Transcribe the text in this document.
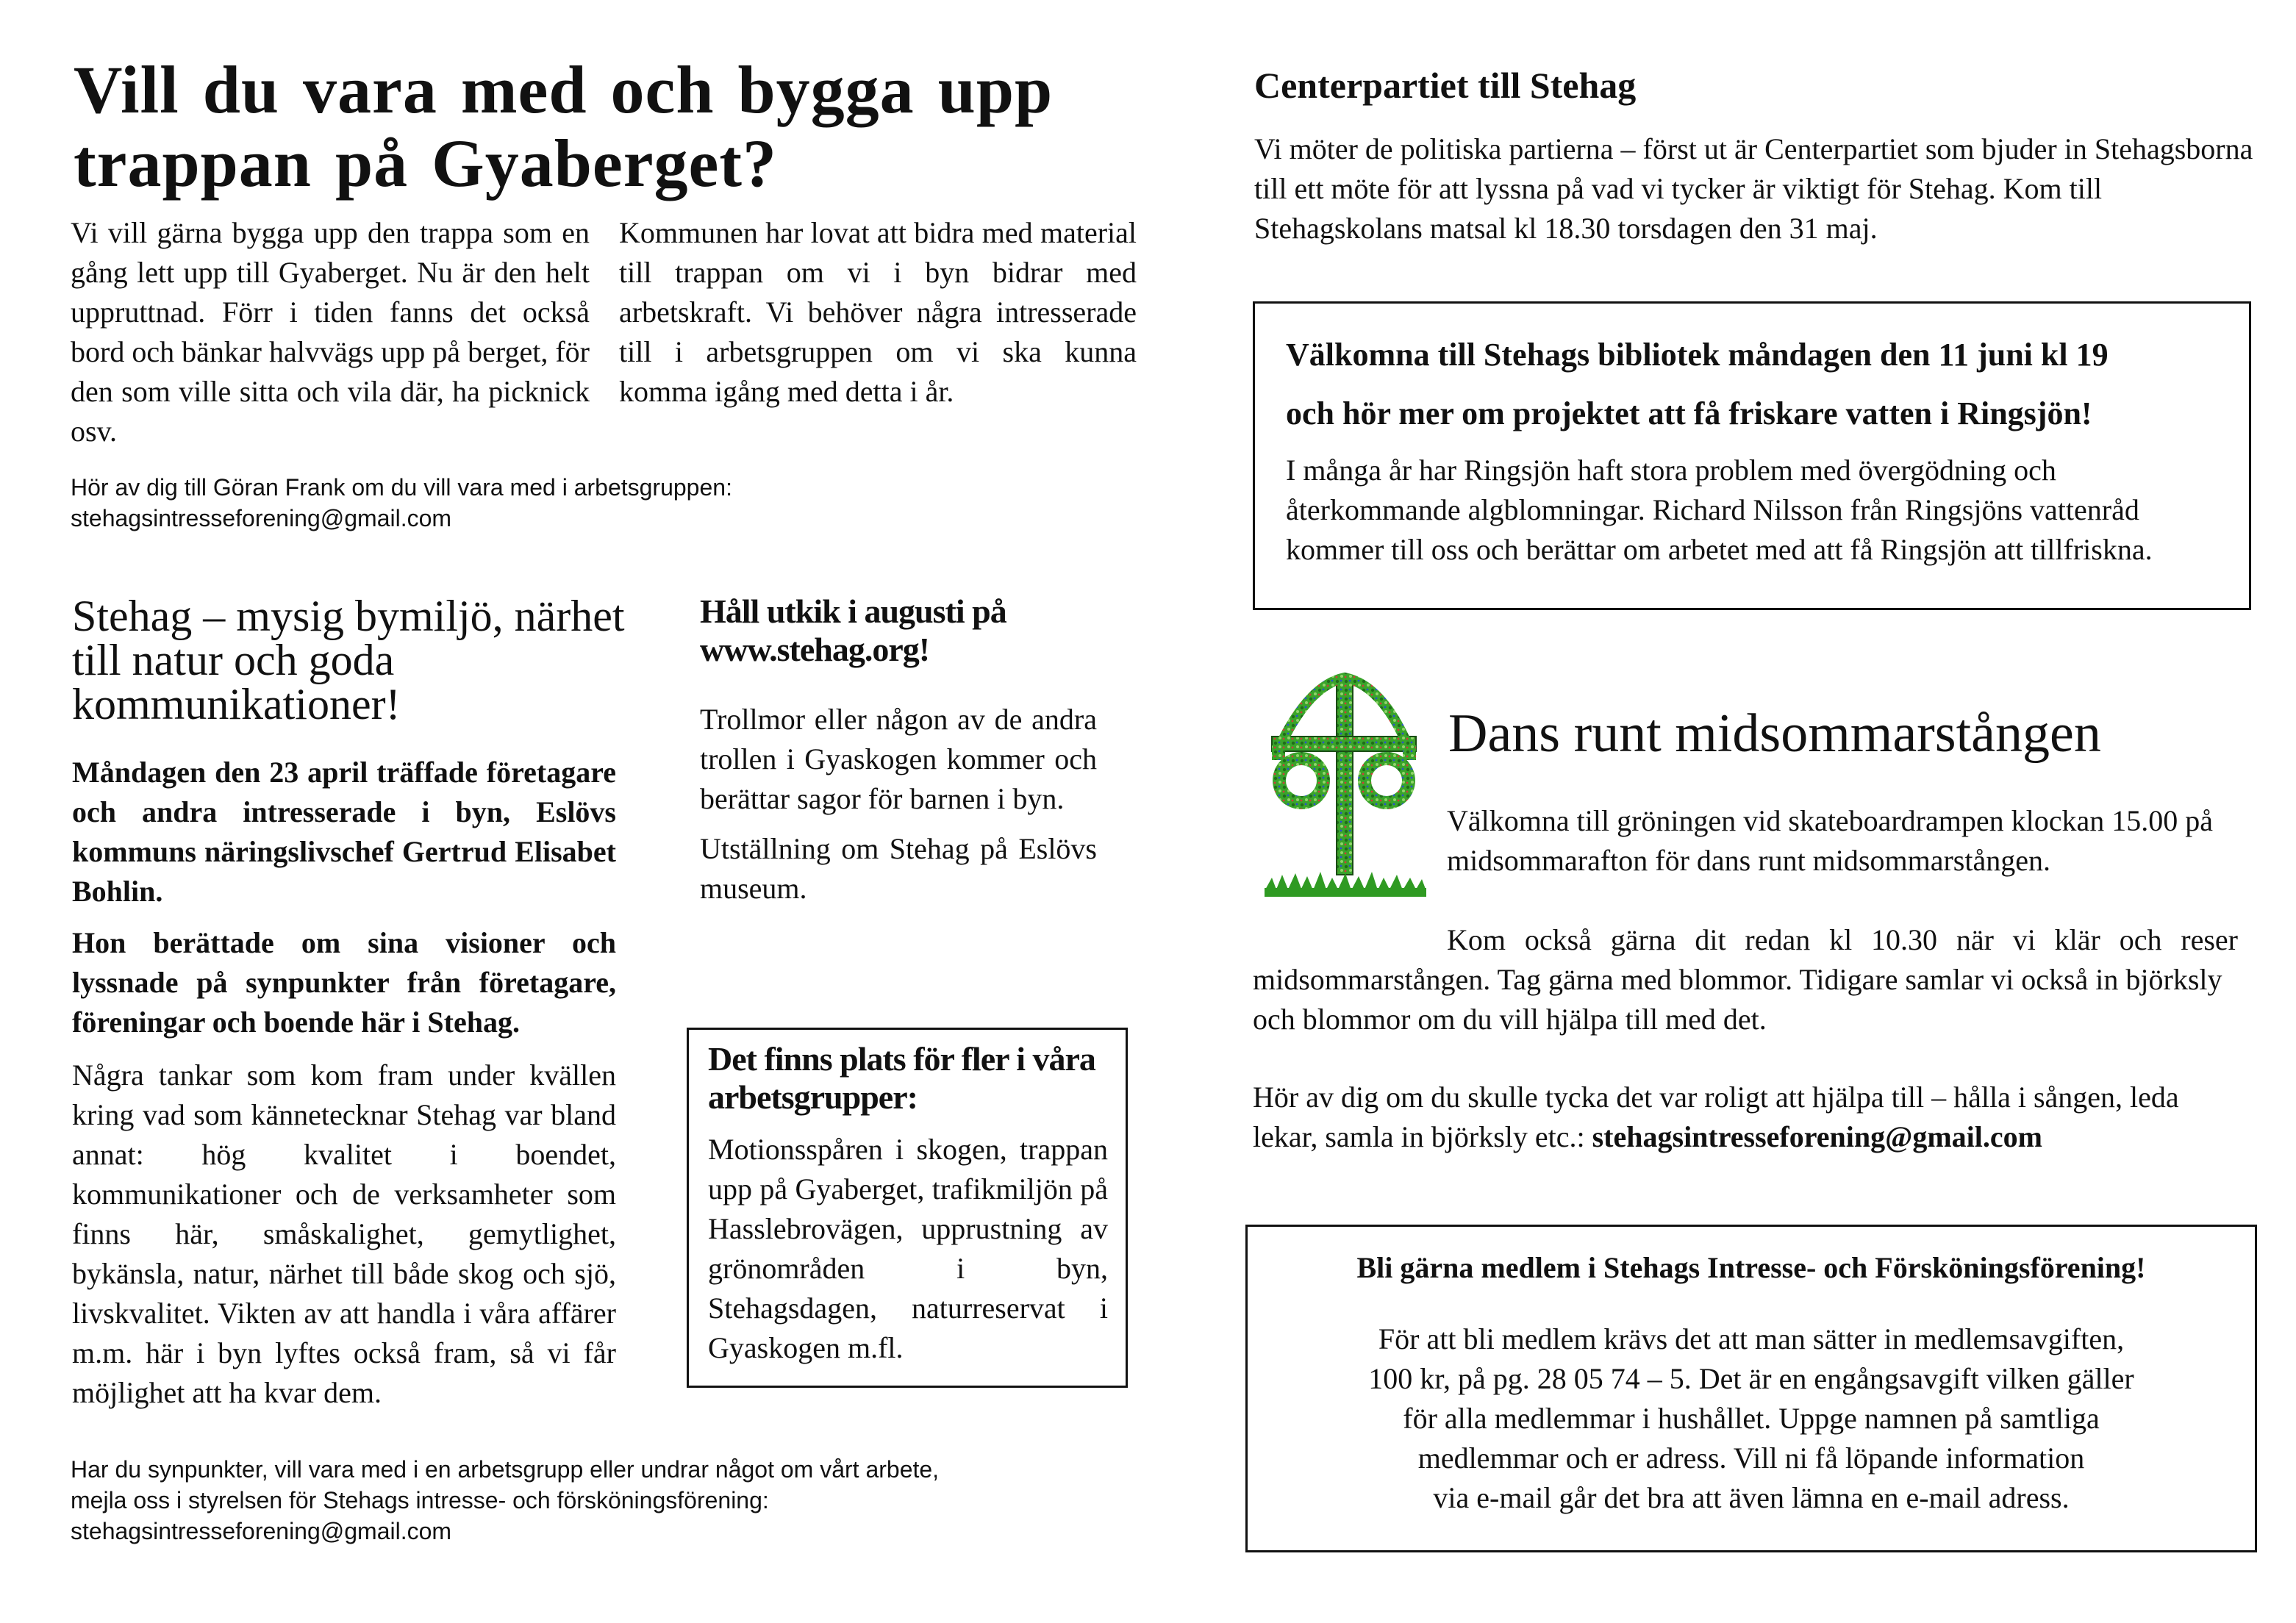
Vill du vara med och bygga upp trappan på Gyaberget?

Vi vill gärna bygga upp den trappa som en gång lett upp till Gyaberget. Nu är den helt uppruttnad. Förr i tiden fanns det också bord och bänkar halvvägs upp på berget, för den som ville sitta och vila där, ha picknick osv.

Kommunen har lovat att bidra med material till trappan om vi i byn bidrar med arbetskraft. Vi behöver några intresserade till i arbetsgruppen om vi ska kunna komma igång med detta i år.

Hör av dig till Göran Frank om du vill vara med i arbetsgruppen:
stehagsintresseforening@gmail.com
Stehag – mysig bymiljö, närhet till natur och goda kommunikationer!

Måndagen den 23 april träffade företagare och andra intresserade i byn, Eslövs kommuns näringslivschef Gertrud Elisabet Bohlin.

Hon berättade om sina visioner och lyssnade på synpunkter från företagare, föreningar och boende här i Stehag.

Några tankar som kom fram under kvällen kring vad som kännetecknar Stehag var bland annat: hög kvalitet i boendet, kommunikationer och de verksamheter som finns här, småskalighet, gemytlighet, bykänsla, natur, närhet till både skog och sjö, livskvalitet. Vikten av att handla i våra affärer m.m. här i byn lyftes också fram, så vi får möjlighet att ha kvar dem.

Håll utkik i augusti på www.stehag.org!

Trollmor eller någon av de andra trollen i Gyaskogen kommer och berättar sagor för barnen i byn.

Utställning om Stehag på Eslövs museum.

Det finns plats för fler i våra arbetsgrupper:

Motionsspåren i skogen, trappan upp på Gyaberget, trafikmiljön på Hasslebrovägen, upprustning av grönområden i byn, Stehagsdagen, naturreservat i Gyaskogen m.fl.

Har du synpunkter, vill vara med i en arbetsgrupp eller undrar något om vårt arbete,
mejla oss i styrelsen för Stehags intresse- och försköningsförening:
stehagsintresseforening@gmail.com
Centerpartiet till Stehag

Vi möter de politiska partierna – först ut är Centerpartiet som bjuder in Stehagsborna till ett möte för att lyssna på vad vi tycker är viktigt för Stehag. Kom till Stehagskolans matsal kl 18.30 torsdagen den 31 maj.

Välkomna till Stehags bibliotek måndagen den 11 juni kl 19
och hör mer om projektet att få friskare vatten i Ringsjön!

I många år har Ringsjön haft stora problem med övergödning och återkommande algblomningar. Richard Nilsson från Ringsjöns vattenråd kommer till oss och berättar om arbetet med att få Ringsjön att tillfriskna.

Dans runt midsommarstången

Välkomna till gröningen vid skateboardrampen klockan 15.00 på midsommarafton för dans runt midsommarstången.

Kom också gärna dit redan kl 10.30 när vi klär och reser
midsommarstången. Tag gärna med blommor. Tidigare samlar vi också in björksly och blommor om du vill hjälpa till med det.

Hör av dig om du skulle tycka det var roligt att hjälpa till – hålla i sången, leda lekar, samla in björksly etc.: stehagsintresseforening@gmail.com

Bli gärna medlem i Stehags Intresse- och Försköningsförening!
För att bli medlem krävs det att man sätter in medlemsavgiften,
100 kr, på pg. 28 05 74 – 5. Det är en engångsavgift vilken gäller
för alla medlemmar i hushållet. Uppge namnen på samtliga
medlemmar och er adress. Vill ni få löpande information
via e-mail går det bra att även lämna en e-mail adress.
